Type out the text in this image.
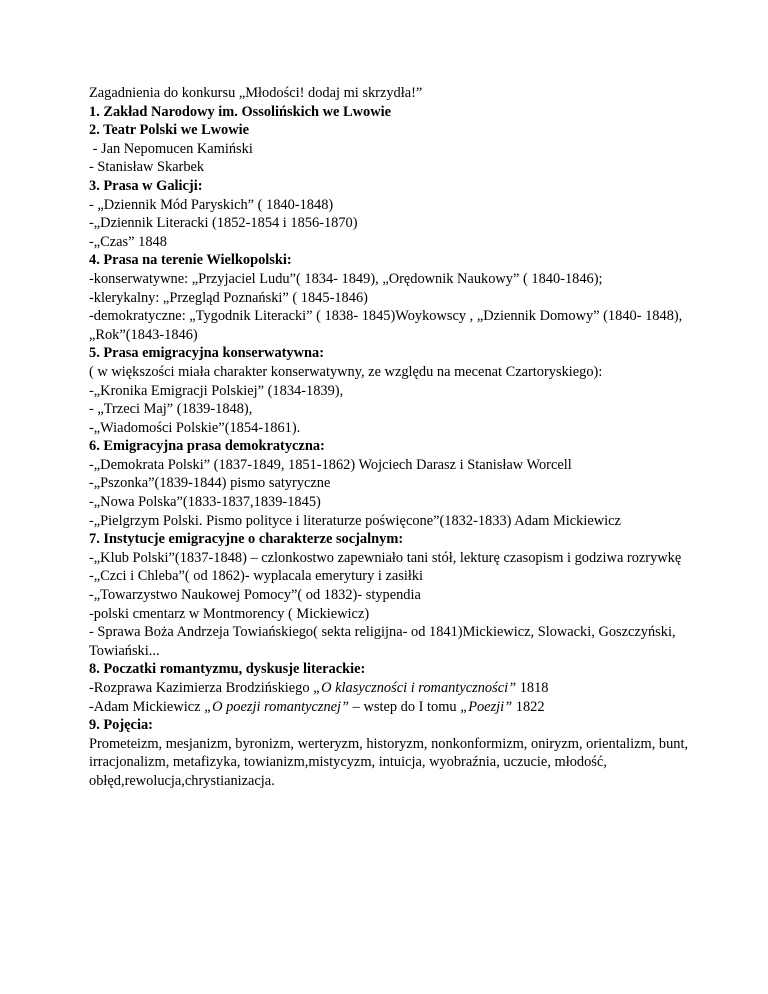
Zagadnienia do konkursu „Młodości! dodaj mi skrzydła!”

1. Zakład Narodowy im. Ossolińskich we Lwowie

2. Teatr Polski we Lwowie

- Jan Nepomucen Kamiński

- Stanisław Skarbek

3. Prasa w Galicji:

- „Dziennik Mód Paryskich” ( 1840-1848)

-„Dziennik Literacki (1852-1854 i 1856-1870)

-„Czas” 1848

4. Prasa na terenie Wielkopolski:

-konserwatywne: „Przyjaciel Ludu”( 1834- 1849), „Orędownik Naukowy” ( 1840-1846);

-klerykalny: „Przegląd Poznański” ( 1845-1846)

-demokratyczne: „Tygodnik Literacki” ( 1838- 1845)Woykowscy , „Dziennik Domowy” (1840- 1848), „Rok”(1843-1846)

5. Prasa emigracyjna konserwatywna:

( w większości miała charakter konserwatywny, ze względu na mecenat Czartoryskiego):

-„Kronika Emigracji Polskiej” (1834-1839),

- „Trzeci Maj” (1839-1848),

-„Wiadomości Polskie”(1854-1861).

6. Emigracyjna prasa demokratyczna:

-„Demokrata Polski” (1837-1849, 1851-1862) Wojciech Darasz i Stanisław Worcell

-„Pszonka”(1839-1844) pismo satyryczne

-„Nowa Polska”(1833-1837,1839-1845)

-„Pielgrzym Polski. Pismo polityce i literaturze poświęcone”(1832-1833) Adam Mickiewicz

7. Instytucje emigracyjne o charakterze socjalnym:

-„Klub Polski”(1837-1848) – czlonkostwo zapewniało tani stół, lekturę czasopism i godziwa rozrywkę

-„Czci i Chleba”( od 1862)- wyplacala emerytury i zasiłki

-„Towarzystwo Naukowej Pomocy”( od 1832)- stypendia

-polski cmentarz w Montmorency ( Mickiewicz)

- Sprawa Boża Andrzeja Towiańskiego( sekta religijna- od 1841)Mickiewicz, Slowacki, Goszczyński, Towiański...

8. Poczatki romantyzmu, dyskusje literackie:

-Rozprawa Kazimierza Brodzińskiego „O klasyczności i romantyczności” 1818

-Adam Mickiewicz „O poezji romantycznej” – wstep do I tomu „Poezji” 1822

9. Pojęcia:

Prometeizm, mesjanizm, byronizm, werteryzm, historyzm, nonkonformizm, oniryzm, orientalizm, bunt, irracjonalizm, metafizyka, towianizm,mistycyzm, intuicja, wyobraźnia, uczucie, młodość, obłęd,rewolucja,chrystianizacja.
